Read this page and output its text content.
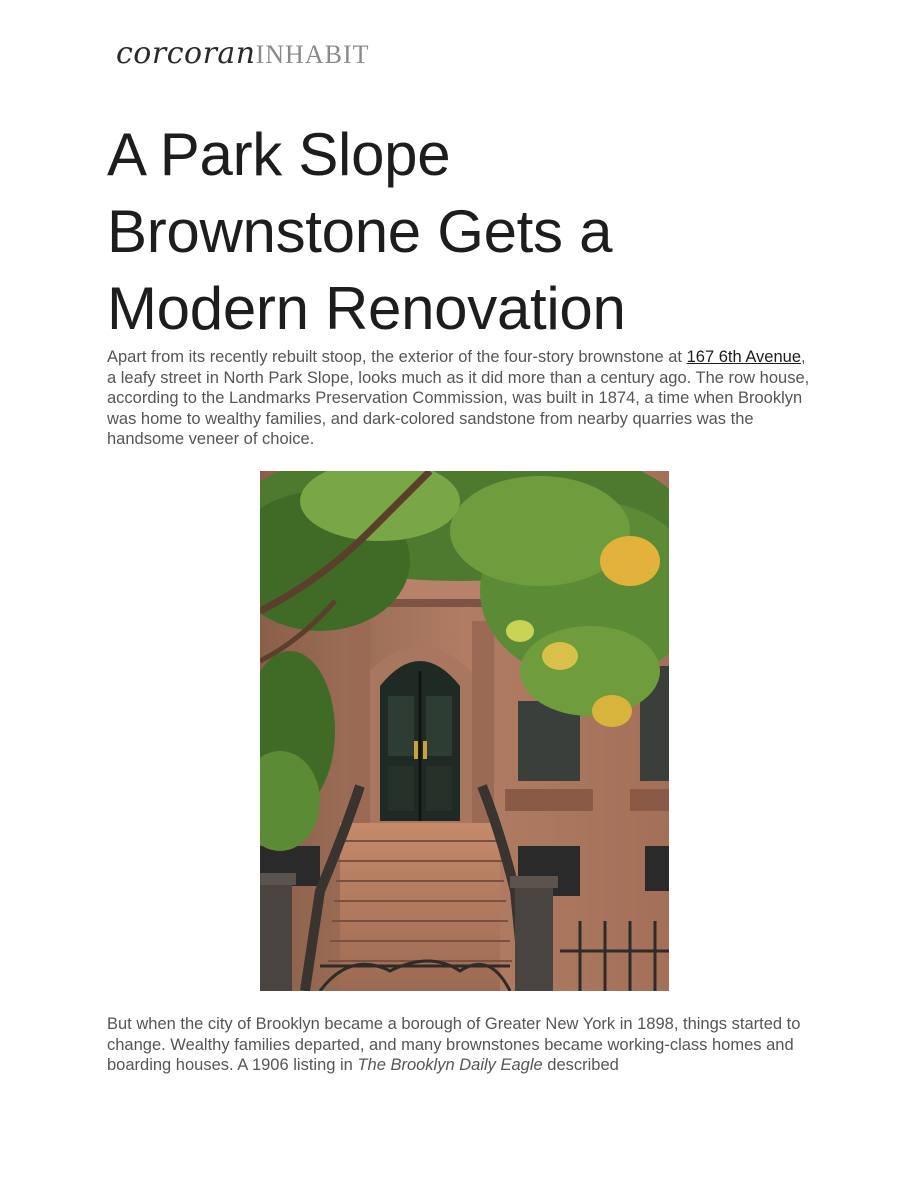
corcoran INHABIT
A Park Slope
Brownstone Gets a
Modern Renovation

Apart from its recently rebuilt stoop, the exterior of the four-story brownstone at 167 6th Avenue, a leafy street in North Park Slope, looks much as it did more than a century ago. The row house, according to the Landmarks Preservation Commission, was built in 1874, a time when Brooklyn was home to wealthy families, and dark-colored sandstone from nearby quarries was the handsome veneer of choice.

But when the city of Brooklyn became a borough of Greater New York in 1898, things started to change. Wealthy families departed, and many brownstones became working-class homes and boarding houses. A 1906 listing in The Brooklyn Daily Eagle described
